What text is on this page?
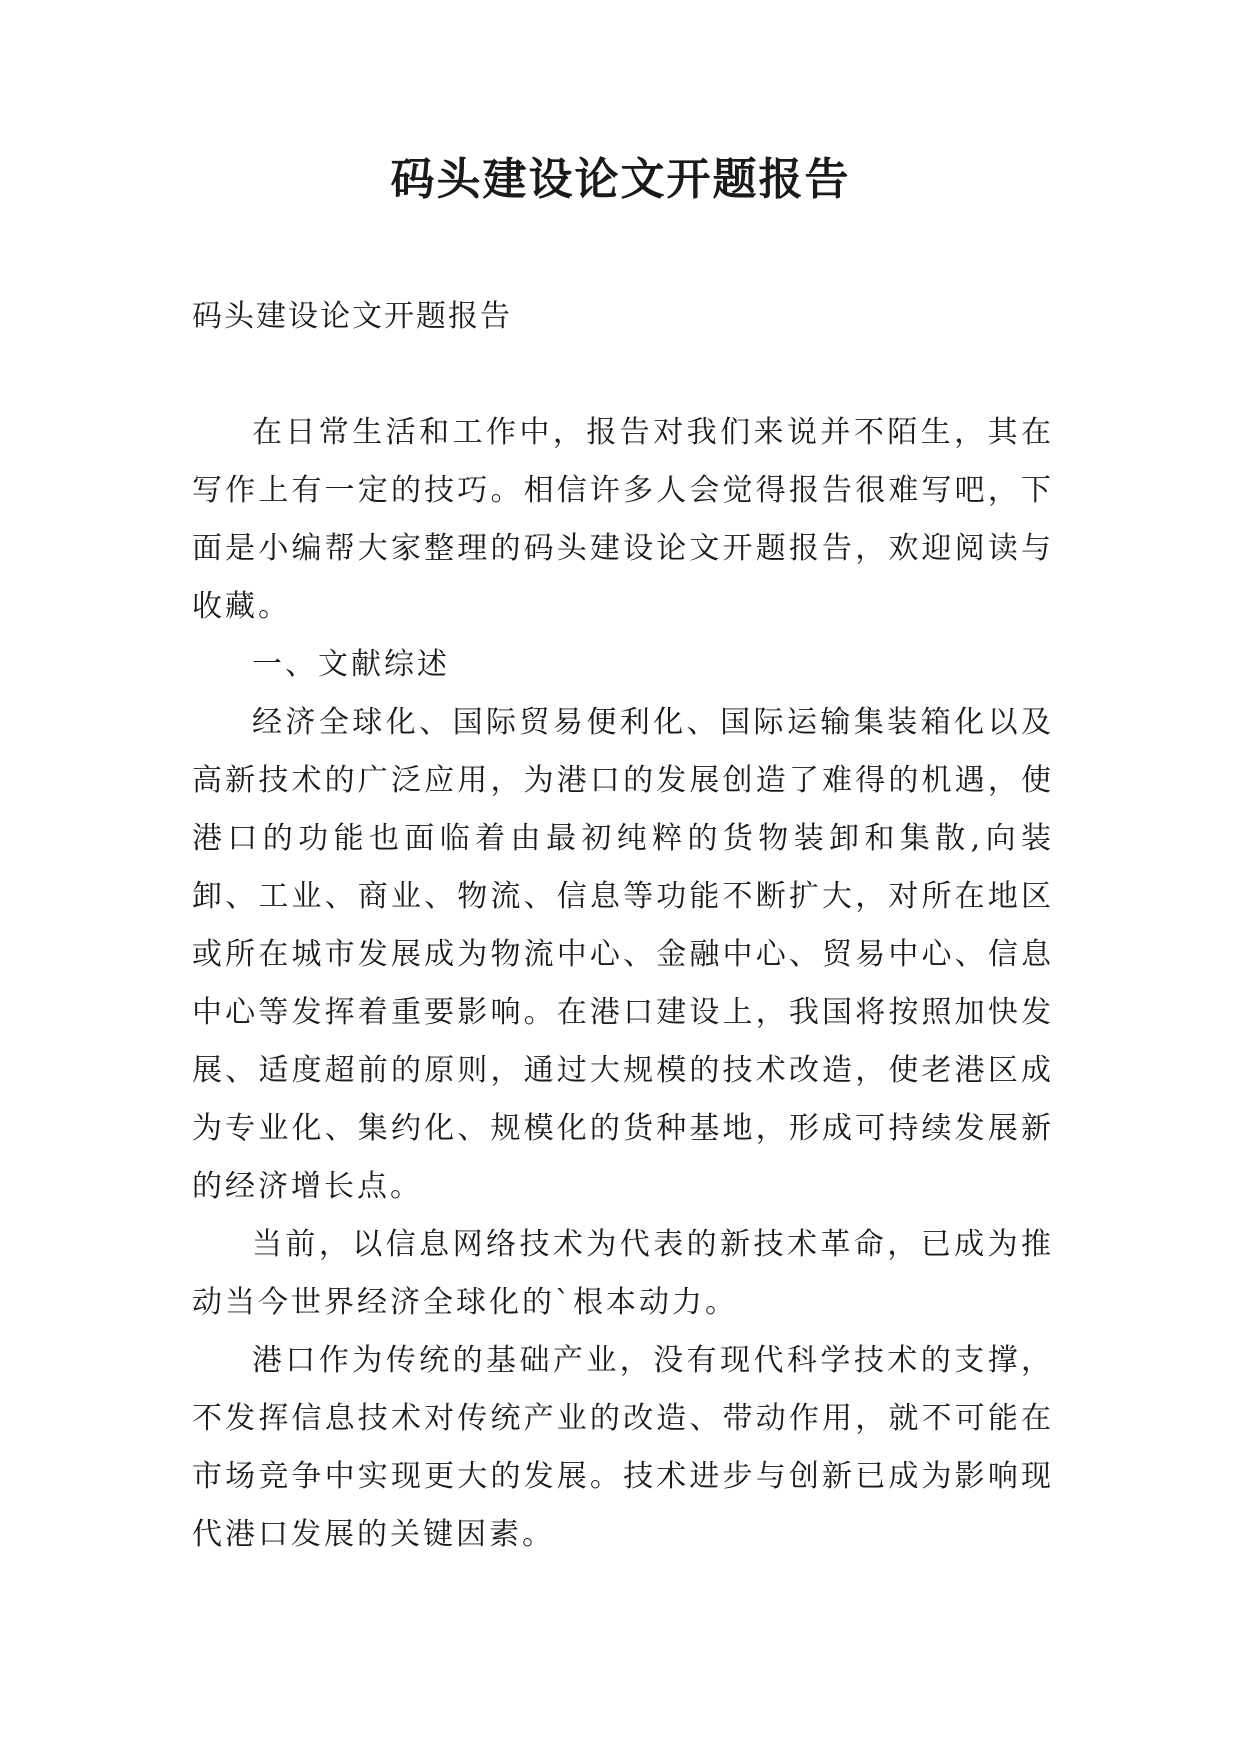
码头建设论文开题报告

码头建设论文开题报告

在日常生活和工作中，报告对我们来说并不陌生，其在写作上有一定的技巧。相信许多人会觉得报告很难写吧，下面是小编帮大家整理的码头建设论文开题报告，欢迎阅读与收藏。

一、文献综述

经济全球化、国际贸易便利化、国际运输集装箱化以及高新技术的广泛应用，为港口的发展创造了难得的机遇，使港口的功能也面临着由最初纯粹的货物装卸和集散,向装卸、工业、商业、物流、信息等功能不断扩大，对所在地区或所在城市发展成为物流中心、金融中心、贸易中心、信息中心等发挥着重要影响。在港口建设上，我国将按照加快发展、适度超前的原则，通过大规模的技术改造，使老港区成为专业化、集约化、规模化的货种基地，形成可持续发展新的经济增长点。

当前，以信息网络技术为代表的新技术革命，已成为推动当今世界经济全球化的`根本动力。

港口作为传统的基础产业，没有现代科学技术的支撑，不发挥信息技术对传统产业的改造、带动作用，就不可能在市场竞争中实现更大的发展。技术进步与创新已成为影响现代港口发展的关键因素。
